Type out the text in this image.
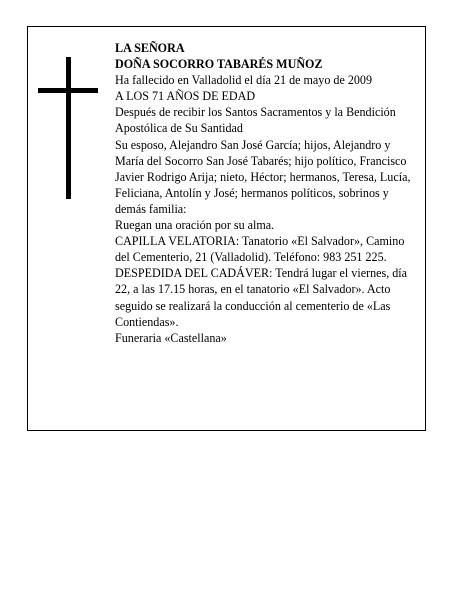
LA SEÑORA

DOÑA SOCORRO TABARÉS MUÑOZ

Ha fallecido en Valladolid el día 21 de mayo de 2009

A LOS 71 AÑOS DE EDAD

Después de recibir los Santos Sacramentos y la Bendición Apostólica de Su Santidad

Su esposo, Alejandro San José García; hijos, Alejandro y María del Socorro San José Tabarés; hijo político, Francisco Javier Rodrigo Arija; nieto, Héctor; hermanos, Teresa, Lucía, Feliciana, Antolín y José; hermanos políticos, sobrinos y demás familia:

Ruegan una oración por su alma.

CAPILLA VELATORIA: Tanatorio «El Salvador», Camino del Cementerio, 21 (Valladolid). Teléfono: 983 251 225.

DESPEDIDA DEL CADÁVER: Tendrá lugar el viernes, día 22, a las 17.15 horas, en el tanatorio «El Salvador». Acto seguido se realizará la conducción al cementerio de «Las Contiendas».

Funeraria «Castellana»
